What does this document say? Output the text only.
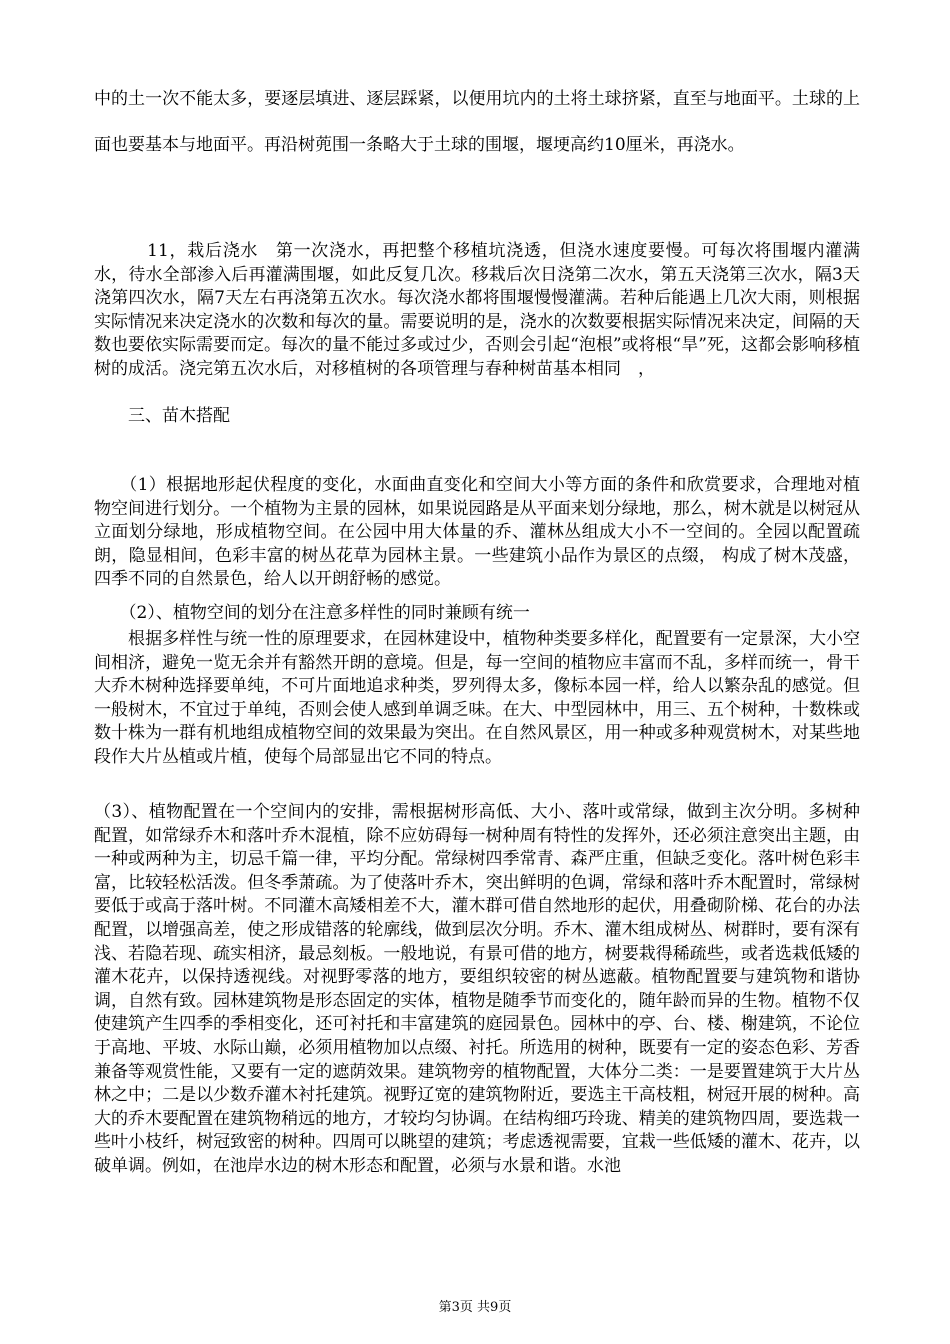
中的土一次不能太多，要逐层填进、逐层踩紧，以便用坑内的土将土球挤紧，直至与地面平。土球的上面也要基本与地面平。再沿树蔸围一条略大于土球的围堰，堰埂高约10厘米，再浇水。

　　　11，栽后浇水　第一次浇水，再把整个移植坑浇透，但浇水速度要慢。可每次将围堰内灌满水，待水全部渗入后再灌满围堰，如此反复几次。移栽后次日浇第二次水，第五天浇第三次水，隔3天浇第四次水，隔7天左右再浇第五次水。每次浇水都将围堰慢慢灌满。若种后能遇上几次大雨，则根据实际情况来决定浇水的次数和每次的量。需要说明的是，浇水的次数要根据实际情况来决定，间隔的天数也要依实际需要而定。每次的量不能过多或过少，否则会引起“泡根”或将根“旱”死，这都会影响移植树的成活。浇完第五次水后，对移植树的各项管理与春种树苗基本相同　，

　　三、苗木搭配

　　（1）根据地形起伏程度的变化，水面曲直变化和空间大小等方面的条件和欣赏要求，合理地对植物空间进行划分。一个植物为主景的园林，如果说园路是从平面来划分绿地，那么，树木就是以树冠从立面划分绿地，形成植物空间。在公园中用大体量的乔、灌林丛组成大小不一空间的。全园以配置疏朗，隐显相间，色彩丰富的树丛花草为园林主景。一些建筑小品作为景区的点缀， 构成了树木茂盛，四季不同的自然景色，给人以开朗舒畅的感觉。

　　（2）、植物空间的划分在注意多样性的同时兼顾有统一

　　根据多样性与统一性的原理要求，在园林建设中，植物种类要多样化，配置要有一定景深，大小空间相济，避免一览无余并有豁然开朗的意境。但是，每一空间的植物应丰富而不乱，多样而统一，骨干大乔木树种选择要单纯，不可片面地追求种类，罗列得太多，像标本园一样，给人以繁杂乱的感觉。但一般树木，不宜过于单纯，否则会使人感到单调乏味。在大、中型园林中，用三、五个树种，十数株或数十株为一群有机地组成植物空间的效果最为突出。在自然风景区，用一种或多种观赏树木，对某些地段作大片丛植或片植，使每个局部显出它不同的特点。

（3）、植物配置在一个空间内的安排，需根据树形高低、大小、落叶或常绿，做到主次分明。多树种配置，如常绿乔木和落叶乔木混植，除不应妨碍每一树种周有特性的发挥外，还必须注意突出主题，由一种或两种为主，切忌千篇一律，平均分配。常绿树四季常青、森严庄重，但缺乏变化。落叶树色彩丰富，比较轻松活泼。但冬季萧疏。为了使落叶乔木，突出鲜明的色调，常绿和落叶乔木配置时，常绿树要低于或高于落叶树。不同灌木高矮相差不大，灌木群可借自然地形的起伏，用叠砌阶梯、花台的办法配置，以增强高差，使之形成错落的轮廓线，做到层次分明。乔木、灌木组成树丛、树群时，要有深有浅、若隐若现、疏实相济，最忌刻板。一般地说，有景可借的地方，树要栽得稀疏些，或者选栽低矮的灌木花卉，以保持透视线。对视野零落的地方，要组织较密的树丛遮蔽。植物配置要与建筑物和谐协调，自然有致。园林建筑物是形态固定的实体，植物是随季节而变化的，随年龄而异的生物。植物不仅使建筑产生四季的季相变化，还可衬托和丰富建筑的庭园景色。园林中的亭、台、楼、榭建筑，不论位于高地、平坡、水际山巅，必须用植物加以点缀、衬托。所选用的树种，既要有一定的姿态色彩、芳香兼备等观赏性能，又要有一定的遮荫效果。建筑物旁的植物配置，大体分二类：一是要置建筑于大片丛林之中；二是以少数乔灌木衬托建筑。视野辽宽的建筑物附近，要选主干高枝粗，树冠开展的树种。高大的乔木要配置在建筑物稍远的地方，才较均匀协调。在结构细巧玲珑、精美的建筑物四周，要选栽一些叶小枝纤，树冠致密的树种。四周可以眺望的建筑；考虑透视需要，宜栽一些低矮的灌木、花卉，以破单调。例如，在池岸水边的树木形态和配置，必须与水景和谐。水池

第3页 共9页
